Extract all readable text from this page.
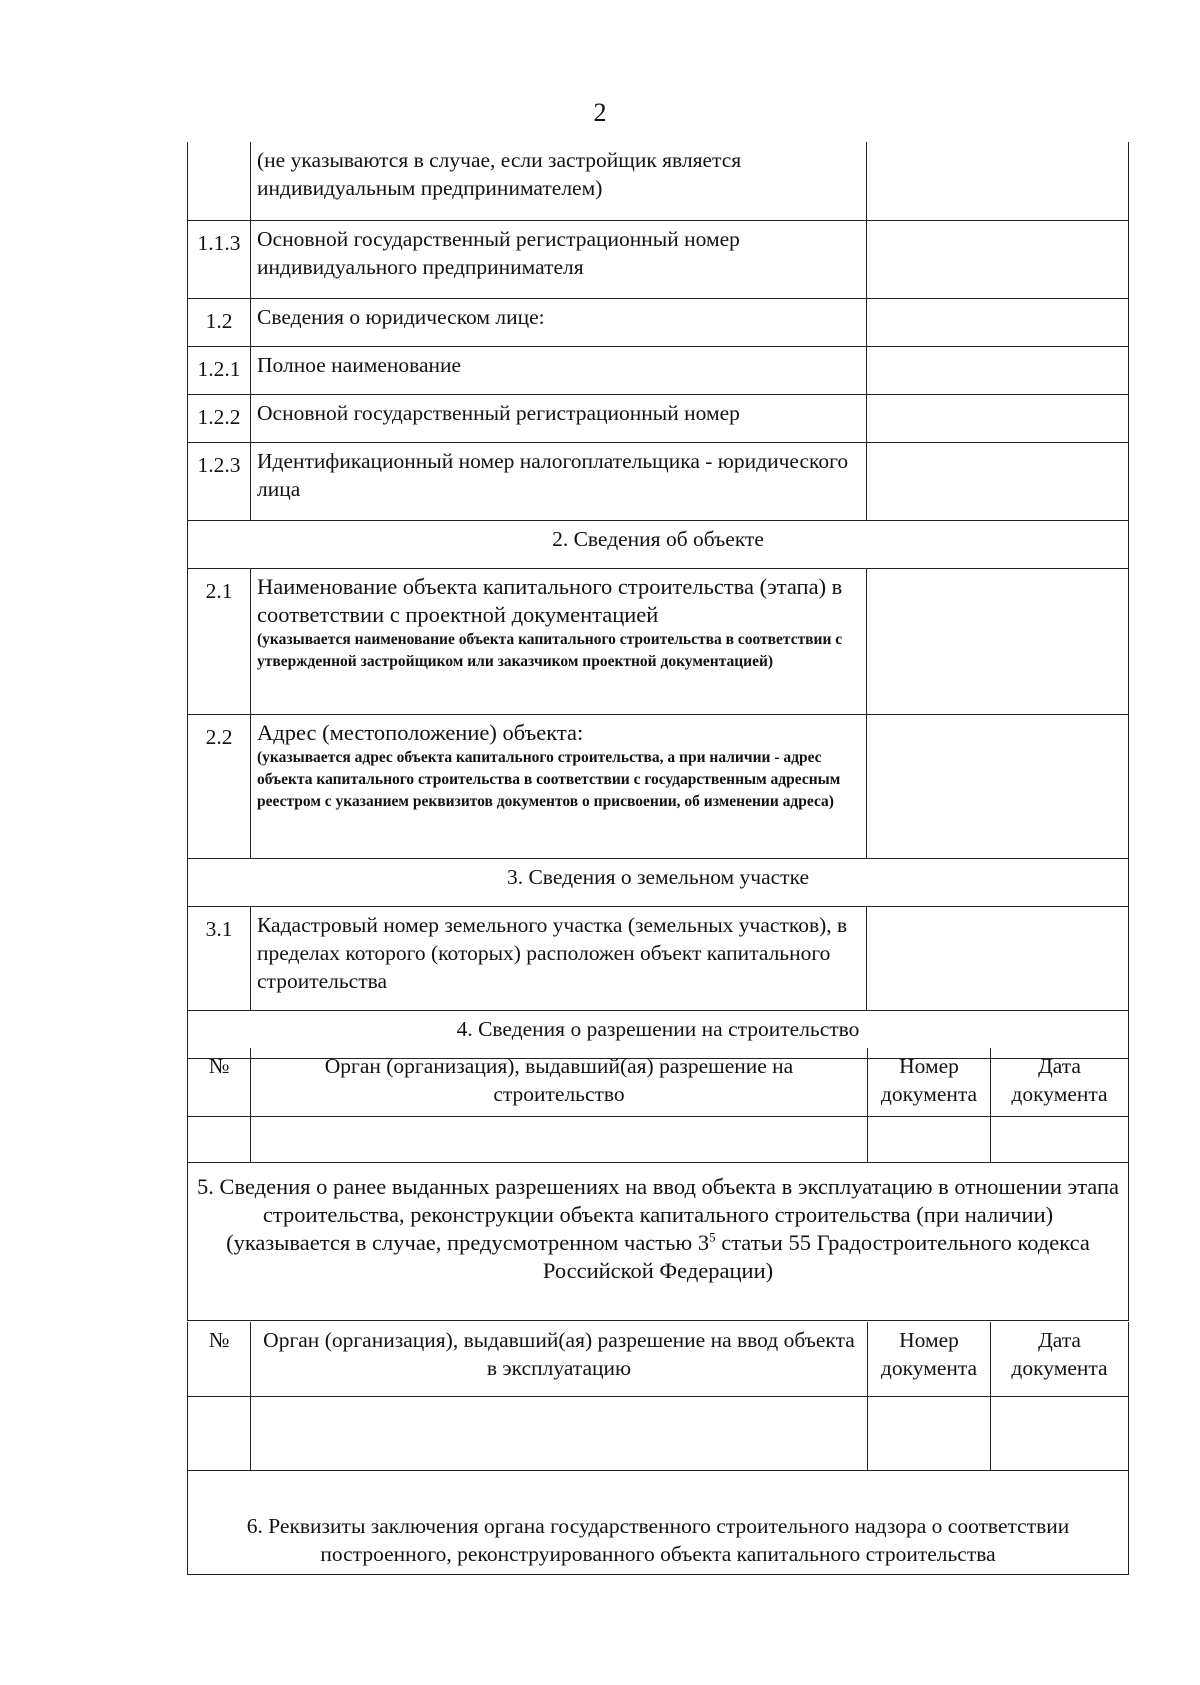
2
	(не указываются в случае, если застройщик является индивидуальным предпринимателем)	
1.1.3	Основной государственный регистрационный номер индивидуального предпринимателя	
1.2	Сведения о юридическом лице:	
1.2.1	Полное наименование	
1.2.2	Основной государственный регистрационный номер	
1.2.3	Идентификационный номер налогоплательщика - юридического лица	
2. Сведения об объекте		
2.1	Наименование объекта капитального строительства (этапа) в соответствии с проектной документацией
(указывается наименование объекта капитального строительства в соответствии с утвержденной застройщиком или заказчиком проектной документацией)	

2.2	Адрес (местоположение) объекта:
(указывается адрес объекта капитального строительства, а при наличии - адрес объекта капитального строительства в соответствии с государственным адресным реестром с указанием реквизитов документов о присвоении, об изменении адреса)	

3. Сведения о земельном участке		
3.1	Кадастровый номер земельного участка (земельных участков), в пределах которого (которых) расположен объект капитального строительства	
4. Сведения о разрешении на строительство		
№	Орган (организация), выдавший(ая) разрешение на строительство	Номер документа	Дата документа

5. Сведения о ранее выданных разрешениях на ввод объекта в эксплуатацию в отношении этапа строительства, реконструкции объекта капитального строительства (при наличии)
(указывается в случае, предусмотренном частью $3^5$ статьи 55 Градостроительного кодекса Российской Федерации)			
№	Орган (организация), выдавший(ая) разрешение на ввод объекта в эксплуатацию	Номер документа	Дата документа

6. Реквизиты заключения органа государственного строительного надзора о соответствии построенного, реконструированного объекта капитального строительства			
